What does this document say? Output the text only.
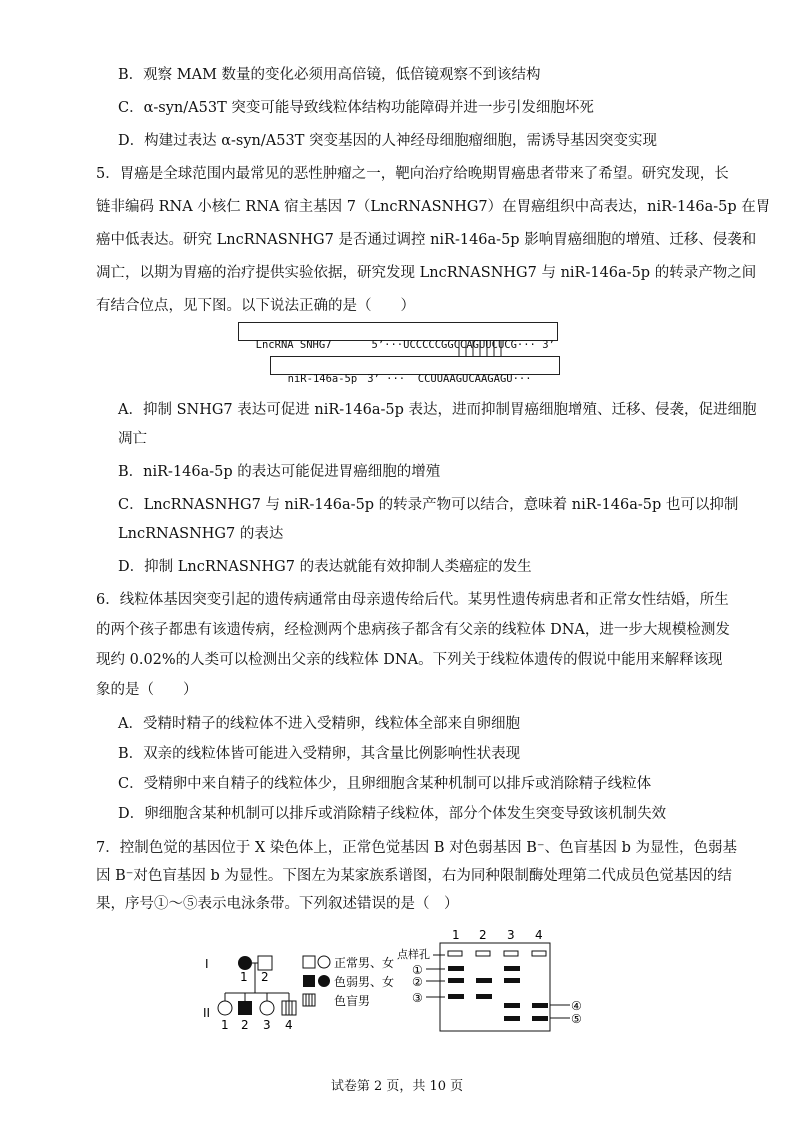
B．观察 MAM 数量的变化必须用高倍镜，低倍镜观察不到该结构
C．α-syn/A53T 突变可能导致线粒体结构功能障碍并进一步引发细胞坏死
D．构建过表达 α-syn/A53T 突变基因的人神经母细胞瘤细胞，需诱导基因突变实现
5．胃癌是全球范围内最常见的恶性肿瘤之一，靶向治疗给晚期胃癌患者带来了希望。研究发现，长
链非编码 RNA 小核仁 RNA 宿主基因 7（LncRNASNHG7）在胃癌组织中高表达，niR-146a-5p 在胃
癌中低表达。研究 LncRNASNHG7 是否通过调控 niR-146a-5p 影响胃癌细胞的增殖、迁移、侵袭和
凋亡，以期为胃癌的治疗提供实验依据，研究发现 LncRNASNHG7 与 niR-146a-5p 的转录产物之间
有结合位点，见下图。以下说法正确的是（　　）

LncRNA SNHG7	5’···UCCCCCGGCCAGUUCUCG··· 3’

niR-146a-5p 3’ ···  CCUUAAGUCAAGAGU···

A．抑制 SNHG7 表达可促进 niR-146a-5p 表达，进而抑制胃癌细胞增殖、迁移、侵袭，促进细胞
凋亡
B．niR-146a-5p 的表达可能促进胃癌细胞的增殖
C．LncRNASNHG7 与 niR-146a-5p 的转录产物可以结合，意味着 niR-146a-5p 也可以抑制
LncRNASNHG7 的表达
D．抑制 LncRNASNHG7 的表达就能有效抑制人类癌症的发生
6．线粒体基因突变引起的遗传病通常由母亲遗传给后代。某男性遗传病患者和正常女性结婚，所生
的两个孩子都患有该遗传病，经检测两个患病孩子都含有父亲的线粒体 DNA，进一步大规模检测发
现约 0.02%的人类可以检测出父亲的线粒体 DNA。下列关于线粒体遗传的假说中能用来解释该现
象的是（　　）
A．受精时精子的线粒体不进入受精卵，线粒体全部来自卵细胞
B．双亲的线粒体皆可能进入受精卵，其含量比例影响性状表现
C．受精卵中来自精子的线粒体少，且卵细胞含某种机制可以排斥或消除精子线粒体
D．卵细胞含某种机制可以排斥或消除精子线粒体，部分个体发生突变导致该机制失效
7．控制色觉的基因位于 X 染色体上，正常色觉基因 B 对色弱基因 B⁻、色盲基因 b 为显性，色弱基
因 B⁻对色盲基因 b 为显性。下图左为某家族系谱图，右为同种限制酶处理第二代成员色觉基因的结
果，序号①～⑤表示电泳条带。下列叙述错误的是（　）
I
II
1 2
1 2 3 4
正常男、女
色弱男、女
色盲男
1 2 3 4
点样孔
①
②
③
④
⑤
试卷第 2 页，共 10 页
